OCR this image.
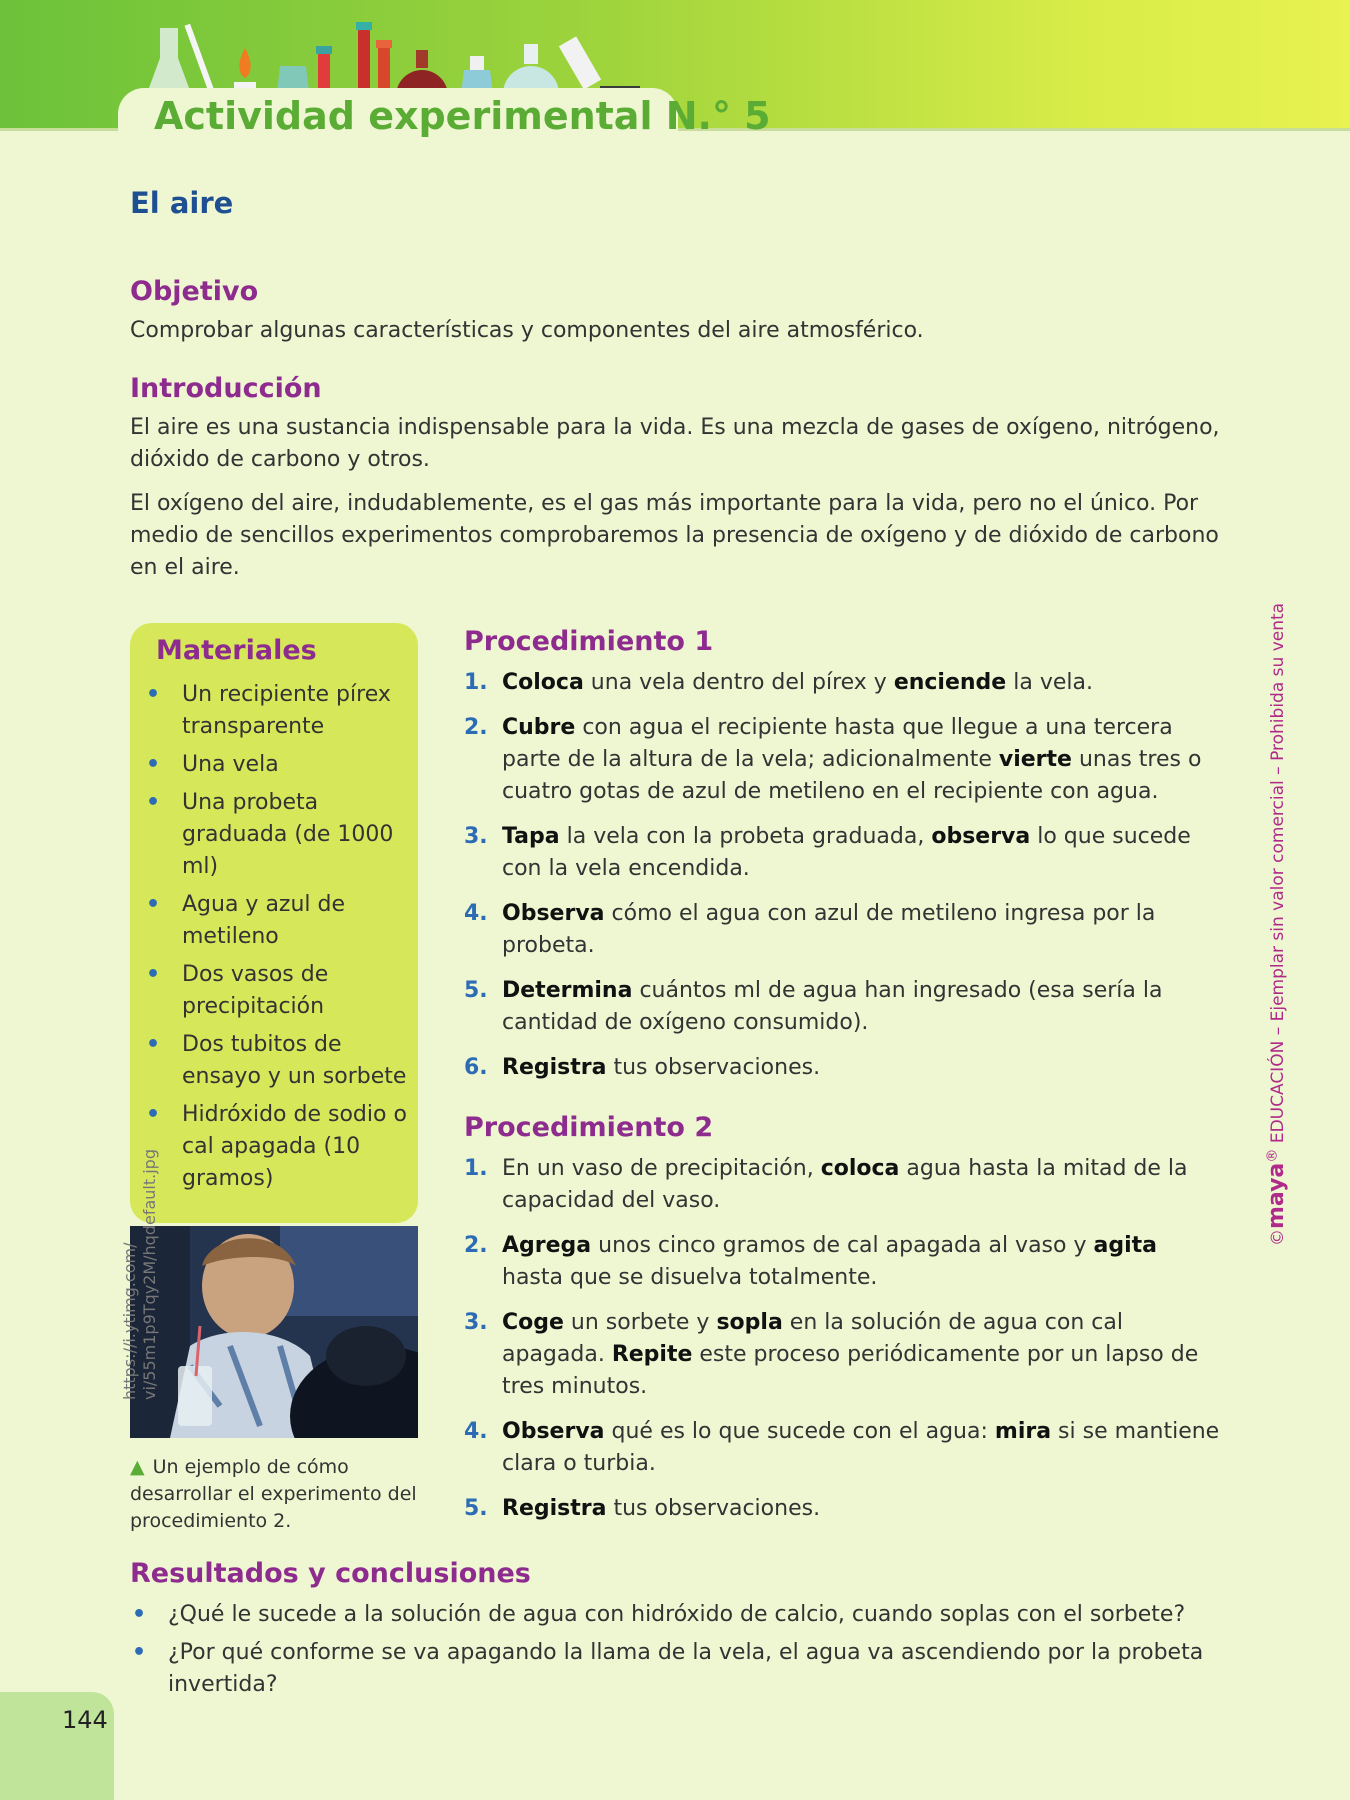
Actividad experimental N.° 5
El aire
Objetivo

Comprobar algunas características y componentes del aire atmosférico.

Introducción

El aire es una sustancia indispensable para la vida. Es una mezcla de gases de oxígeno, nitrógeno, dióxido de carbono y otros.

El oxígeno del aire, indudablemente, es el gas más importante para la vida, pero no el único. Por medio de sencillos experimentos comprobaremos la presencia de oxígeno y de dióxido de carbono en el aire.

Materiales
• Un recipiente pírex transparente
• Una vela
• Una probeta graduada (de 1000 ml)
• Agua y azul de metileno
• Dos vasos de precipitación
• Dos tubitos de ensayo y un sorbete
• Hidróxido de sodio o cal apagada (10 gramos)

▲ Un ejemplo de cómo desarrollar el experimento del procedimiento 2.

https://i.ytimg.com/
vi/55m1p9Tqy2M/hqdefault.jpg
Procedimiento 1
1. Coloca una vela dentro del pírex y enciende la vela.
2. Cubre con agua el recipiente hasta que llegue a una tercera parte de la altura de la vela; adicionalmente vierte unas tres o cuatro gotas de azul de metileno en el recipiente con agua.
3. Tapa la vela con la probeta graduada, observa lo que sucede con la vela encendida.
4. Observa cómo el agua con azul de metileno ingresa por la probeta.
5. Determina cuántos ml de agua han ingresado (esa sería la cantidad de oxígeno consumido).
6. Registra tus observaciones.
Procedimiento 2
1. En un vaso de precipitación, coloca agua hasta la mitad de la capacidad del vaso.
2. Agrega unos cinco gramos de cal apagada al vaso y agita hasta que se disuelva totalmente.
3. Coge un sorbete y sopla en la solución de agua con cal apagada. Repite este proceso periódicamente por un lapso de tres minutos.
4. Observa qué es lo que sucede con el agua: mira si se mantiene clara o turbia.
5. Registra tus observaciones.
Resultados y conclusiones
• ¿Qué le sucede a la solución de agua con hidróxido de calcio, cuando soplas con el sorbete?
• ¿Por qué conforme se va apagando la llama de la vela, el agua va ascendiendo por la probeta invertida?

144

©maya® EDUCACIÓN – Ejemplar sin valor comercial – Prohibida su venta
